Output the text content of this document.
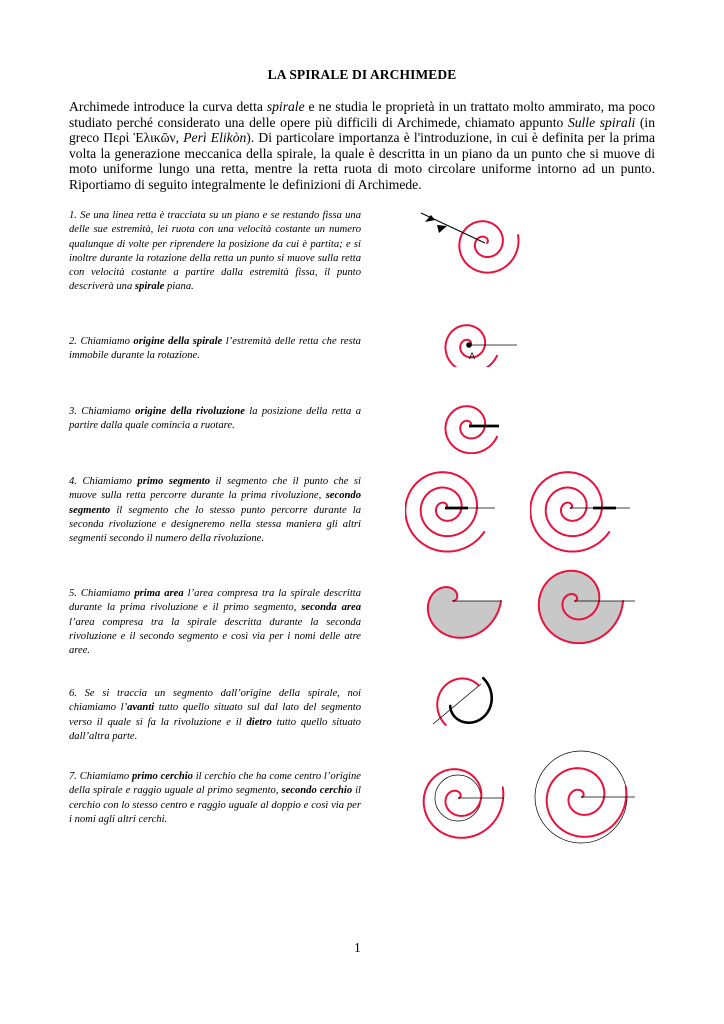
LA SPIRALE DI ARCHIMEDE
Archimede introduce la curva detta spirale e ne studia le proprietà in un trattato molto ammirato, ma poco studiato perché considerato una delle opere più difficili di Archimede, chiamato appunto Sulle spirali (in greco Περὶ Ἑλικῶν, Perì Elikòn). Di particolare importanza è l'introduzione, in cui è definita per la prima volta la generazione meccanica della spirale, la quale è descritta in un piano da un punto che si muove di moto uniforme lungo una retta, mentre la retta ruota di moto circolare uniforme intorno ad un punto. Riportiamo di seguito integralmente le definizioni di Archimede.
1. Se una linea retta è tracciata su un piano e se restando fissa una delle sue estremità, lei ruota con una velocità costante un numero qualunque di volte per riprendere la posizione da cui è partita; e si inoltre durante la rotazione della retta un punto si muove sulla retta con velocità costante a partire dalla estremità fissa, il punto descriverà una spirale piana.
2. Chiamiamo origine della spirale l’estremità delle retta che resta immobile durante la rotazione.
3. Chiamiamo origine della rivoluzione la posizione della retta a partire dalla quale comincia a ruotare.
4. Chiamiamo primo segmento il segmento che il punto che si muove sulla retta percorre durante la prima rivoluzione, secondo segmento il segmento che lo stesso punto percorre durante la seconda rivoluzione e designeremo nella stessa maniera gli altri segmenti secondo il numero della rivoluzione.
5. Chiamiamo prima area l’area compresa tra la spirale descritta durante la prima rivoluzione e il primo segmento, seconda area l’area compresa tra la spirale descritta durante la seconda rivoluzione e il secondo segmento e così via per i nomi delle atre aree.
6. Se si traccia un segmento dall’origine della spirale, noi chiamiamo l’avanti tutto quello situato sul dal lato del segmento verso il quale si fa la rivoluzione e il dietro tutto quello situato dall’altra parte.
7. Chiamiamo primo cerchio il cerchio che ha come centro l’origine della spirale e raggio uguale al primo segmento, secondo cerchio il cerchio con lo stesso centro e raggio uguale al doppio e così via per i nomi agli altri cerchi.
A
1
